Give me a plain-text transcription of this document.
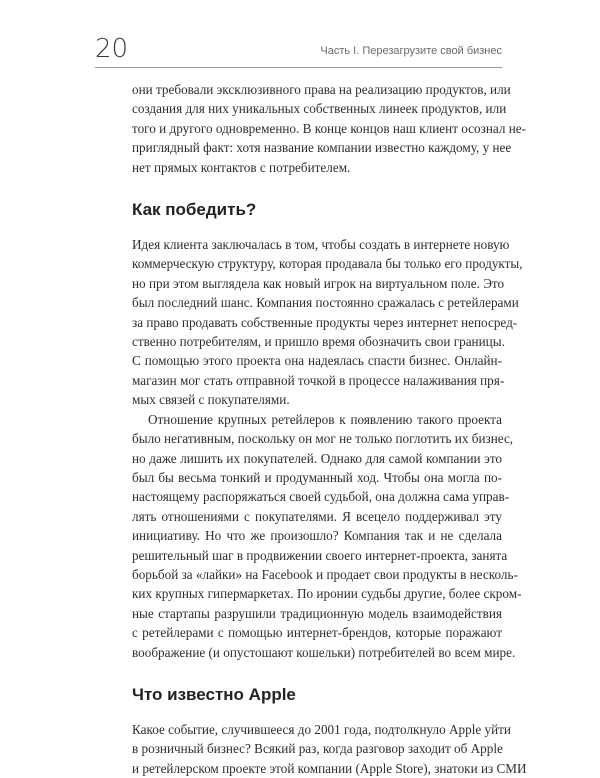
20	Часть I. Перезагрузите свой бизнес

они требовали эксклюзивного права на реализацию продуктов, или
создания для них уникальных собственных линеек продуктов, или
того и другого одновременно. В конце концов наш клиент осознал не-
приглядный факт: хотя название компании известно каждому, у нее
нет прямых контактов с потребителем.

Как победить?

Идея клиента заключалась в том, чтобы создать в интернете новую
коммерческую структуру, которая продавала бы только его продукты,
но при этом выглядела как новый игрок на виртуальном поле. Это
был последний шанс. Компания постоянно сражалась с ретейлерами
за право продавать собственные продукты через интернет непосред-
ственно потребителям, и пришло время обозначить свои границы.
С помощью этого проекта она надеялась спасти бизнес. Онлайн-
магазин мог стать отправной точкой в процессе налаживания пря-
мых связей с покупателями.

Отношение крупных ретейлеров к появлению такого проекта
было негативным, поскольку он мог не только поглотить их бизнес,
но даже лишить их покупателей. Однако для самой компании это
был бы весьма тонкий и продуманный ход. Чтобы она могла по-
настоящему распоряжаться своей судьбой, она должна сама управ-
лять отношениями с покупателями. Я всецело поддерживал эту
инициативу. Но что же произошло? Компания так и не сделала
решительный шаг в продвижении своего интернет-проекта, занята
борьбой за «лайки» на Facebook и продает свои продукты в несколь-
ких крупных гипермаркетах. По иронии судьбы другие, более скром-
ные стартапы разрушили традиционную модель взаимодействия
с ретейлерами с помощью интернет-брендов, которые поражают
воображение (и опустошают кошельки) потребителей во всем мире.

Что известно Apple

Какое событие, случившееся до 2001 года, подтолкнуло Apple уйти
в розничный бизнес? Всякий раз, когда разговор заходит об Apple
и ретейлерском проекте этой компании (Apple Store), знатоки из СМИ
